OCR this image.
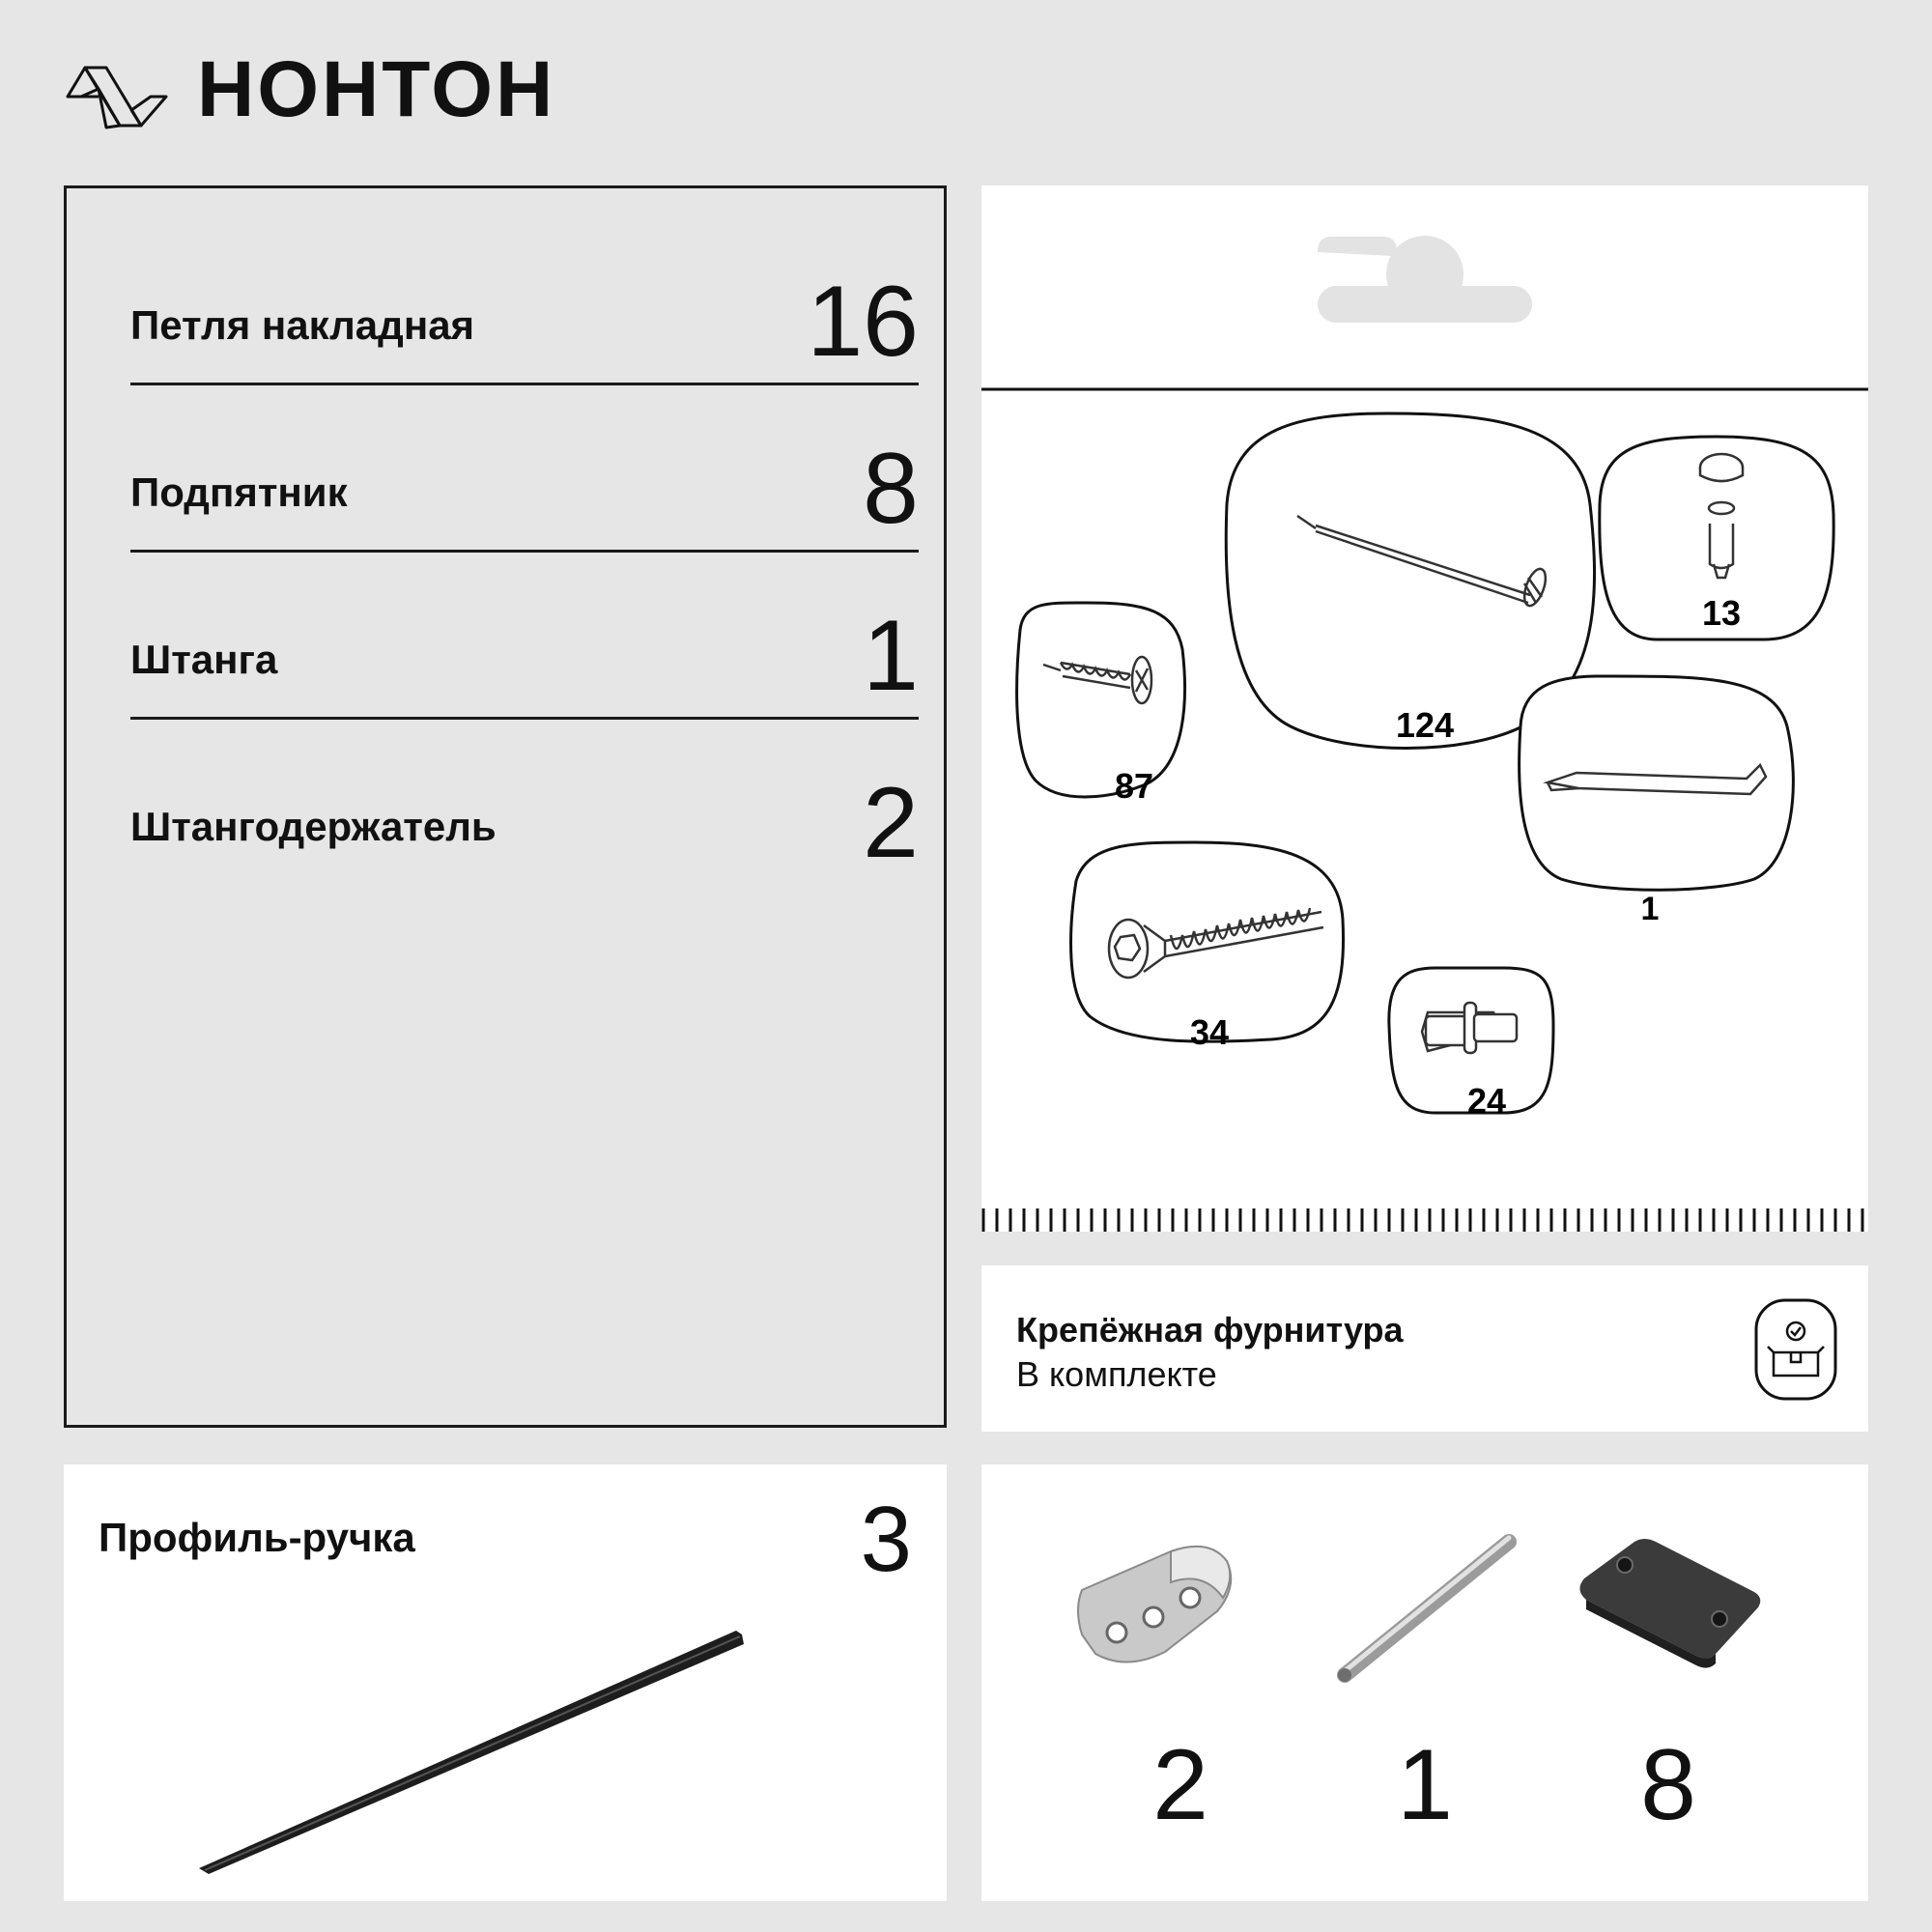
НОНТОН
Петля накладная	16
Подпятник	8
Штанга	1
Штангодержатель	2
124
13
87
1
34
24
Крепёжная фурнитура
В комплекте
Профиль-ручка	3
2	1	8
